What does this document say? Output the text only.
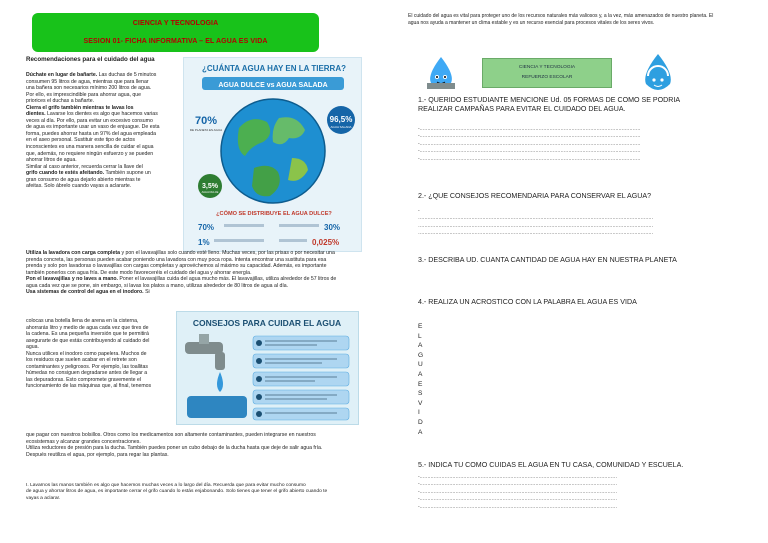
CIENCIA Y TECNOLOGIA
SESION 01- FICHA INFORMATIVA – EL AGUA ES VIDA
Recomendaciones para el cuidado del agua
Dúchate en lugar de bañarte. Las duchas de 5 minutos
consumen 95 litros de agua, mientras que para llenar
una bañera son necesarios mínimo 200 litros de agua.
Por ello, es imprescindible para ahorrar agua, que
priorices el duchas a bañarte.
Cierra el grifo también mientras te lavas los
dientes. Lavarse los dientes es algo que hacemos varias
veces al día. Por ello, para evitar un excesivo consumo
de agua es importante usar un vaso de enjuague. De esta
forma, puedes ahorrar hasta un 97% del agua empleada
en el aseo personal. Sustituir este tipo de actos
inconscientes es una manera sencilla de cuidar el agua
que, además, no requiere ningún esfuerzo y se pueden
ahorrar litros de agua.
Similar al caso anterior, recuerda cerrar la llave del
grifo cuando te estés afeitando. También supone un
gran consumo de agua dejarlo abierto mientras te
afeitas. Solo ábrelo cuando vayas a aclararte.
¿CUÁNTA AGUA HAY EN LA TIERRA?
AGUA DULCE vs AGUA SALADA
70%
DE PLANETA ES AGUA
96,5%
AGUA SALADA
3,5%
AGUA DULCE
¿CÓMO SE DISTRIBUYE EL AGUA DULCE?
70%	30%
1%	0,025%
Utiliza la lavadora con carga completa y pon el lavavajillas solo cuando esté lleno. Muchas veces, por las prisas o por necesitar una
prenda concreta, las personas pueden acabar poniendo una lavadora con muy poca ropa. Intenta encontrar una sustituta para esa
prenda y solo pon lavadoras o lavavajillas con cargas completas y aprovéchemos al máximo su capacidad. Además, es importante
también ponerlos con agua fría. De este modo favoreceréis el cuidado del agua y ahorrar energía.
Pon el lavavajillas y no laves a mano. Poner el lavavajillas cuida del agua mucho más. El lavavajillas, utiliza alrededor de 57 litros de
agua cada vez que se pone, sin embargo, si lavas los platos a mano, utilizas alrededor de 80 litros de agua al día.
Usa sistemas de control del agua en el inodoro. Si
colocas una botella llena de arena en la cisterna,
ahorrarás litro y medio de agua cada vez que tires de
la cadena. Es una pequeña inversión que te permitirá
asegurarte de que estás contribuyendo al cuidado del
agua.
Nunca utilices el inodoro como papelera. Muchos de
los residuos que suelen acabar en el retrete son
contaminantes y peligrosos. Por ejemplo, las toallitas
húmedas no consiguen degradarse antes de llegar a
las depuradoras. Esto compromete gravemente el
funcionamiento de las máquinas que, al final, tenemos
CONSEJOS PARA CUIDAR EL AGUA
que pagar con nuestros bolsillos. Otros como los medicamentos son altamente contaminantes, pueden integrarse en nuestros
ecosistemas y alcanzar grandes concentraciones.
Utiliza reductores de presión para la ducha. También puedes poner un cubo debajo de la ducha hasta que deje de salir agua fría.
Después reutiliza el agua, por ejemplo, para regar las plantas.
I. Lavarnos las manos también es algo que hacemos muchas veces a lo largo del día. Recuerda que para evitar mucho consumo
de agua y ahorrar litros de agua, es importante cerrar el grifo cuando lo estás enjabonando. Solo tienes que tener el grifo abierto cuando te
vayas a aclarar.
El cuidado del agua es vital para proteger uno de los recursos naturales más valiosos y, a la vez, más amenazados de nuestro planeta. El
agua nos ayuda a mantener un clima estable y es un recurso esencial para procesos vitales de los seres vivos.
CIENCIA Y TECNOLOGIA
REFUERZO ESCOLAR
1.- QUERIDO ESTUDIANTE MENCIONE Ud. 05 FORMAS DE COMO SE PODRIA
REALIZAR CAMPAÑAS PARA EVITAR EL CUIDADO DEL AGUA.
-……………………………………………………………………………………………………………………………
-……………………………………………………………………………………………………………………………
-……………………………………………………………………………………………………………………………
-……………………………………………………………………………………………………………………………
-……………………………………………………………………………………………………………………………
2.- ¿QUE CONSEJOS RECOMENDARIA PARA CONSERVAR EL AGUA?
-
……………………………………………………………………………………………………………………………………
……………………………………………………………………………………………………………………………………
……………………………………………………………………………………………………………………………………
3.- DESCRIBA UD. CUANTA CANTIDAD DE AGUA HAY EN NUESTRA PLANETA
4.- REALIZA UN ACROSTICO CON LA PALABRA EL AGUA ES VIDA
E
L
A
G
U
A
E
S
V
I
D
A
5.- INDICA TU COMO CUIDAS EL AGUA EN TU CASA, COMUNIDAD Y ESCUELA.
-………………………………………………………………………………………………………………
-………………………………………………………………………………………………………………
-………………………………………………………………………………………………………………
-………………………………………………………………………………………………………………
-………………………………………………………………………………………………………………
